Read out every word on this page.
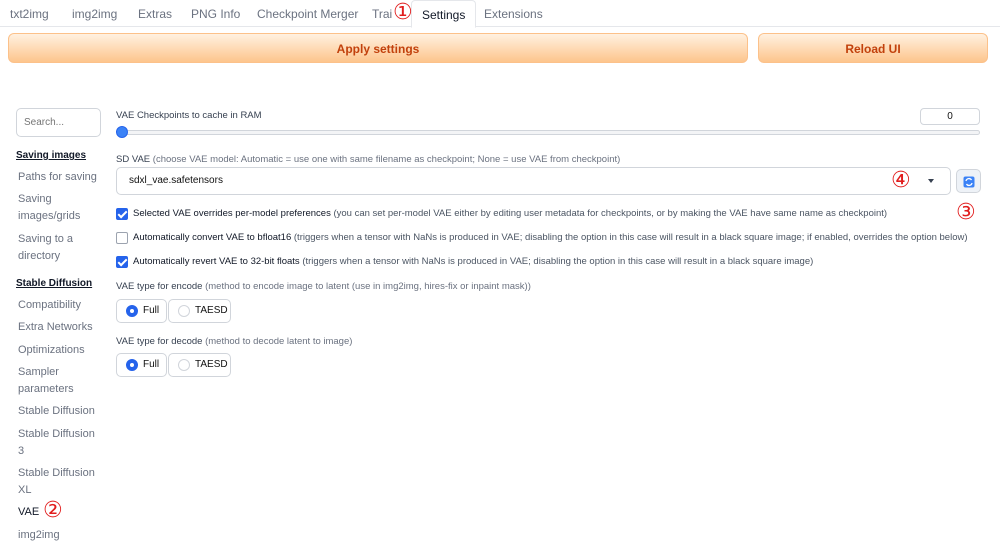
txt2img img2img Extras PNG Info Checkpoint Merger Trai	Settings	Extensions
Apply settings	Reload UI
Search...
Saving images
Paths for saving
Saving images/grids
Saving to a directory
Stable Diffusion
Compatibility
Extra Networks
Optimizations
Sampler parameters
Stable Diffusion
Stable Diffusion 3
Stable Diffusion XL
VAE
img2img
VAE Checkpoints to cache in RAM	0
SD VAE (choose VAE model: Automatic = use one with same filename as checkpoint; None = use VAE from checkpoint)
sdxl_vae.safetensors
Selected VAE overrides per-model preferences (you can set per-model VAE either by editing user metadata for checkpoints, or by making the VAE have same name as checkpoint)
Automatically convert VAE to bfloat16 (triggers when a tensor with NaNs is produced in VAE; disabling the option in this case will result in a black square image; if enabled, overrides the option below)
Automatically revert VAE to 32-bit floats (triggers when a tensor with NaNs is produced in VAE; disabling the option in this case will result in a black square image)
VAE type for encode (method to encode image to latent (use in img2img, hires-fix or inpaint mask))
Full	TAESD
VAE type for decode (method to decode latent to image)
Full	TAESD
①
②
③
④
